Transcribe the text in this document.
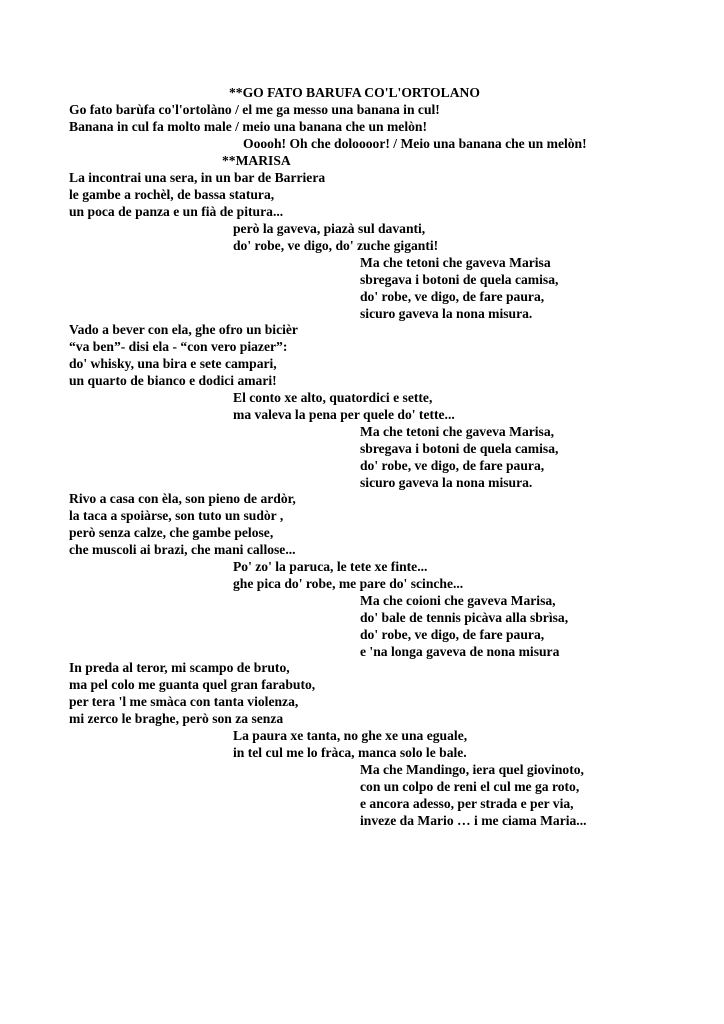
**GO FATO BARUFA CO'L'ORTOLANO
Go fato barùfa co'l'ortolàno / el me ga messo una banana in cul!
Banana in cul fa molto male / meio una banana che un melòn!
Ooooh! Oh che doloooor! / Meio una banana che un melòn!
**MARISA
La incontrai una sera, in un bar de Barriera
le gambe a rochèl, de bassa statura,
un poca de panza e un fià de pitura...
però la gaveva, piazà sul davanti,
do' robe, ve digo, do' zuche giganti!
Ma che tetoni che gaveva Marisa
sbregava i botoni de quela camisa,
do' robe, ve digo, de fare paura,
sicuro gaveva la nona misura.
Vado a bever con ela, ghe ofro un bicièr
“va ben”- disi ela - “con vero piazer”:
do' whisky, una bira e sete campari,
un quarto de bianco e dodici amari!
El conto xe alto, quatordici e sette,
ma valeva la pena per quele do' tette...
Ma che tetoni che gaveva Marisa,
sbregava i botoni de quela camisa,
do' robe, ve digo, de fare paura,
sicuro gaveva la nona misura.
Rivo a casa con èla, son pieno de ardòr,
la taca a spoiàrse, son tuto un sudòr ,
però senza calze, che gambe pelose,
che muscoli ai brazi, che mani callose...
Po' zo' la paruca, le tete xe finte...
ghe pica do' robe, me pare do' scinche...
Ma che coioni che gaveva Marisa,
do' bale de tennis picàva alla sbrìsa,
do' robe, ve digo, de fare paura,
e 'na longa gaveva de nona misura
In preda al teror, mi scampo de bruto,
ma pel colo me guanta quel gran farabuto,
per tera 'l me smàca con tanta violenza,
mi zerco le braghe, però son za senza
La paura xe tanta, no ghe xe una eguale,
in tel cul me lo fràca, manca solo le bale.
Ma che Mandingo, iera quel giovinoto,
con un colpo de reni el cul me ga roto,
e ancora adesso, per strada e per via,
inveze da Mario … i me ciama Maria...
